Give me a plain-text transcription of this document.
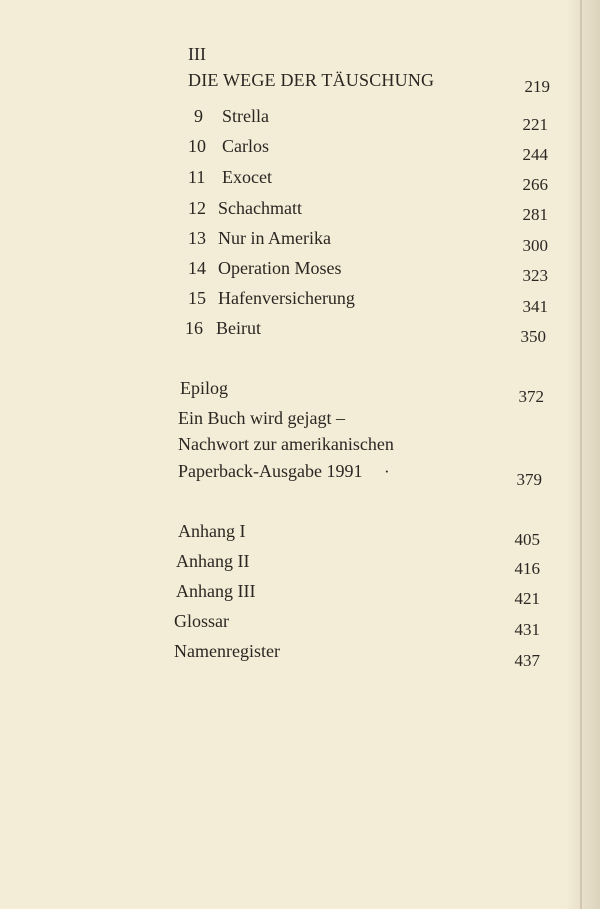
III
DIE WEGE DER TÄUSCHUNG	219
9 Strella	221
10 Carlos	244
11 Exocet	266
12 Schachmatt	281
13 Nur in Amerika	300
14 Operation Moses	323
15 Hafenversicherung	341
16 Beirut	350
Epilog	372
Ein Buch wird gejagt –
Nachwort zur amerikanischen
Paperback-Ausgabe 1991 ·	379
Anhang I	405
Anhang II	416
Anhang III	421
Glossar	431
Namenregister	437
